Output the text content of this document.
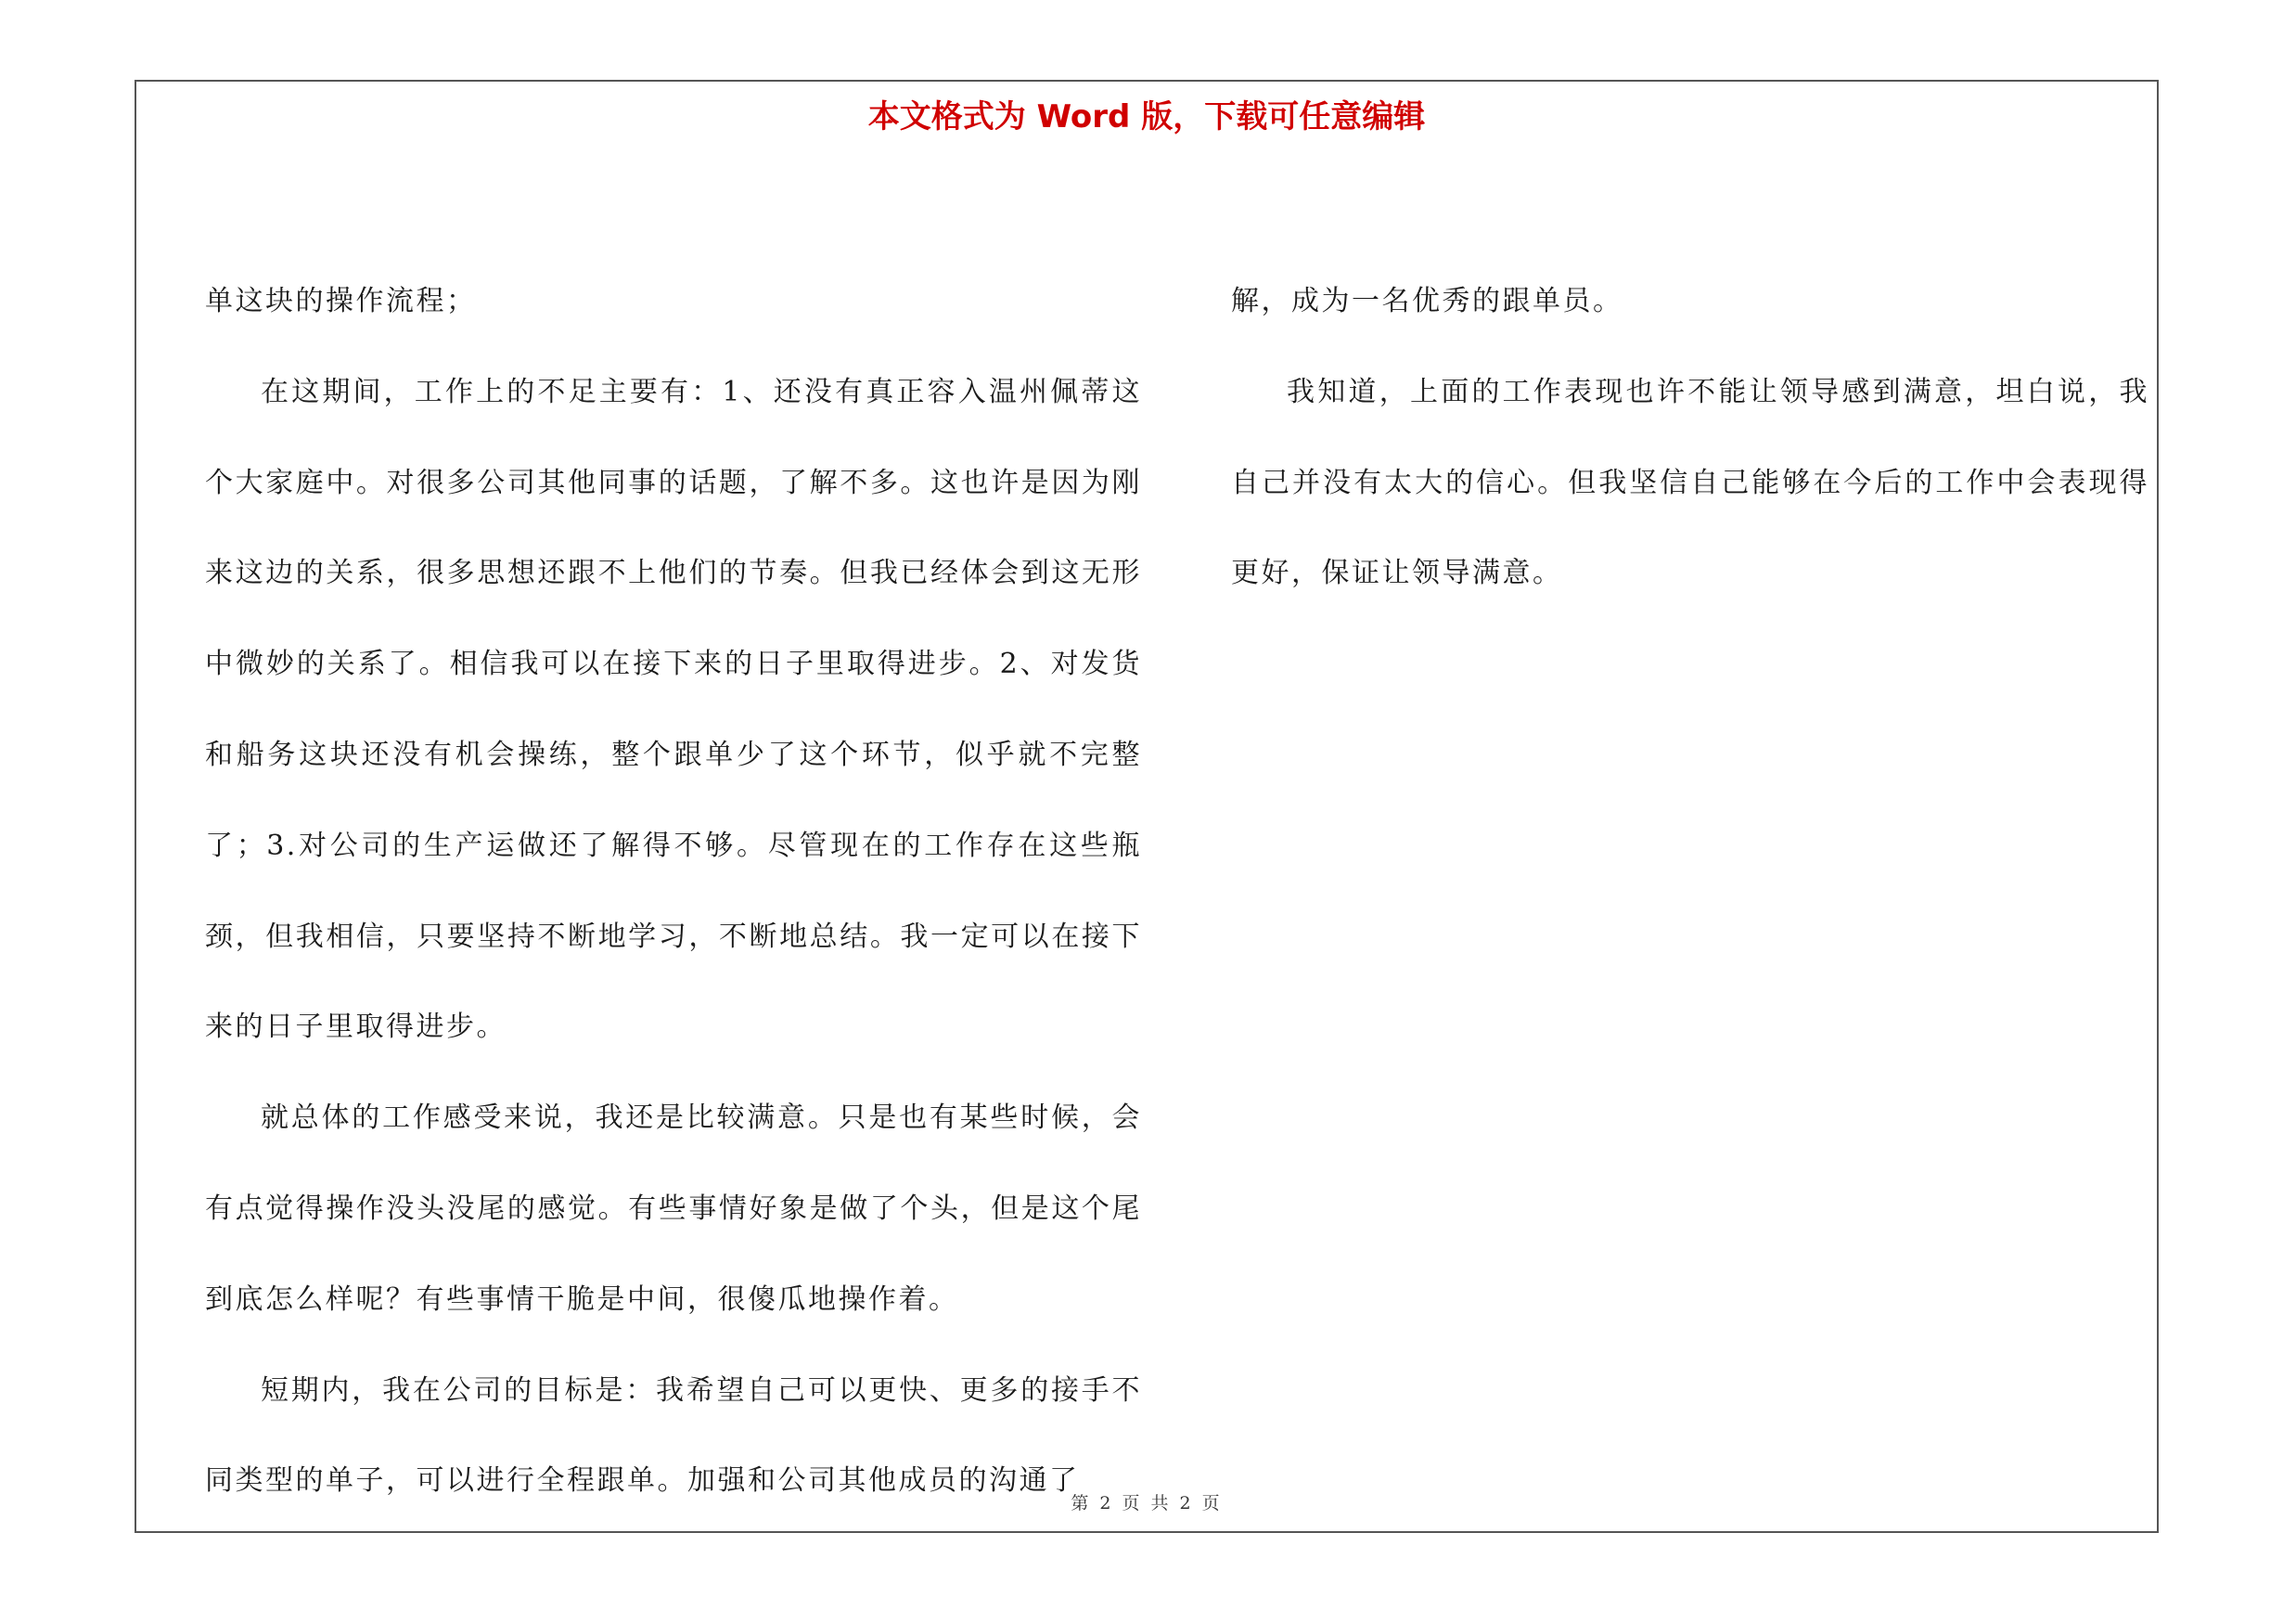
本文格式为 Word 版，下载可任意编辑

单这块的操作流程；

在这期间，工作上的不足主要有：1、还没有真正容入温州佩蒂这个大家庭中。对很多公司其他同事的话题，了解不多。这也许是因为刚来这边的关系，很多思想还跟不上他们的节奏。但我已经体会到这无形中微妙的关系了。相信我可以在接下来的日子里取得进步。2、对发货和船务这块还没有机会操练，整个跟单少了这个环节，似乎就不完整了；3.对公司的生产运做还了解得不够。尽管现在的工作存在这些瓶颈，但我相信，只要坚持不断地学习，不断地总结。我一定可以在接下来的日子里取得进步。

就总体的工作感受来说，我还是比较满意。只是也有某些时候，会有点觉得操作没头没尾的感觉。有些事情好象是做了个头，但是这个尾到底怎么样呢？有些事情干脆是中间，很傻瓜地操作着。

短期内，我在公司的目标是：我希望自己可以更快、更多的接手不同类型的单子，可以进行全程跟单。加强和公司其他成员的沟通了

解，成为一名优秀的跟单员。

我知道，上面的工作表现也许不能让领导感到满意，坦白说，我自己并没有太大的信心。但我坚信自己能够在今后的工作中会表现得更好，保证让领导满意。

第 2 页 共 2 页
